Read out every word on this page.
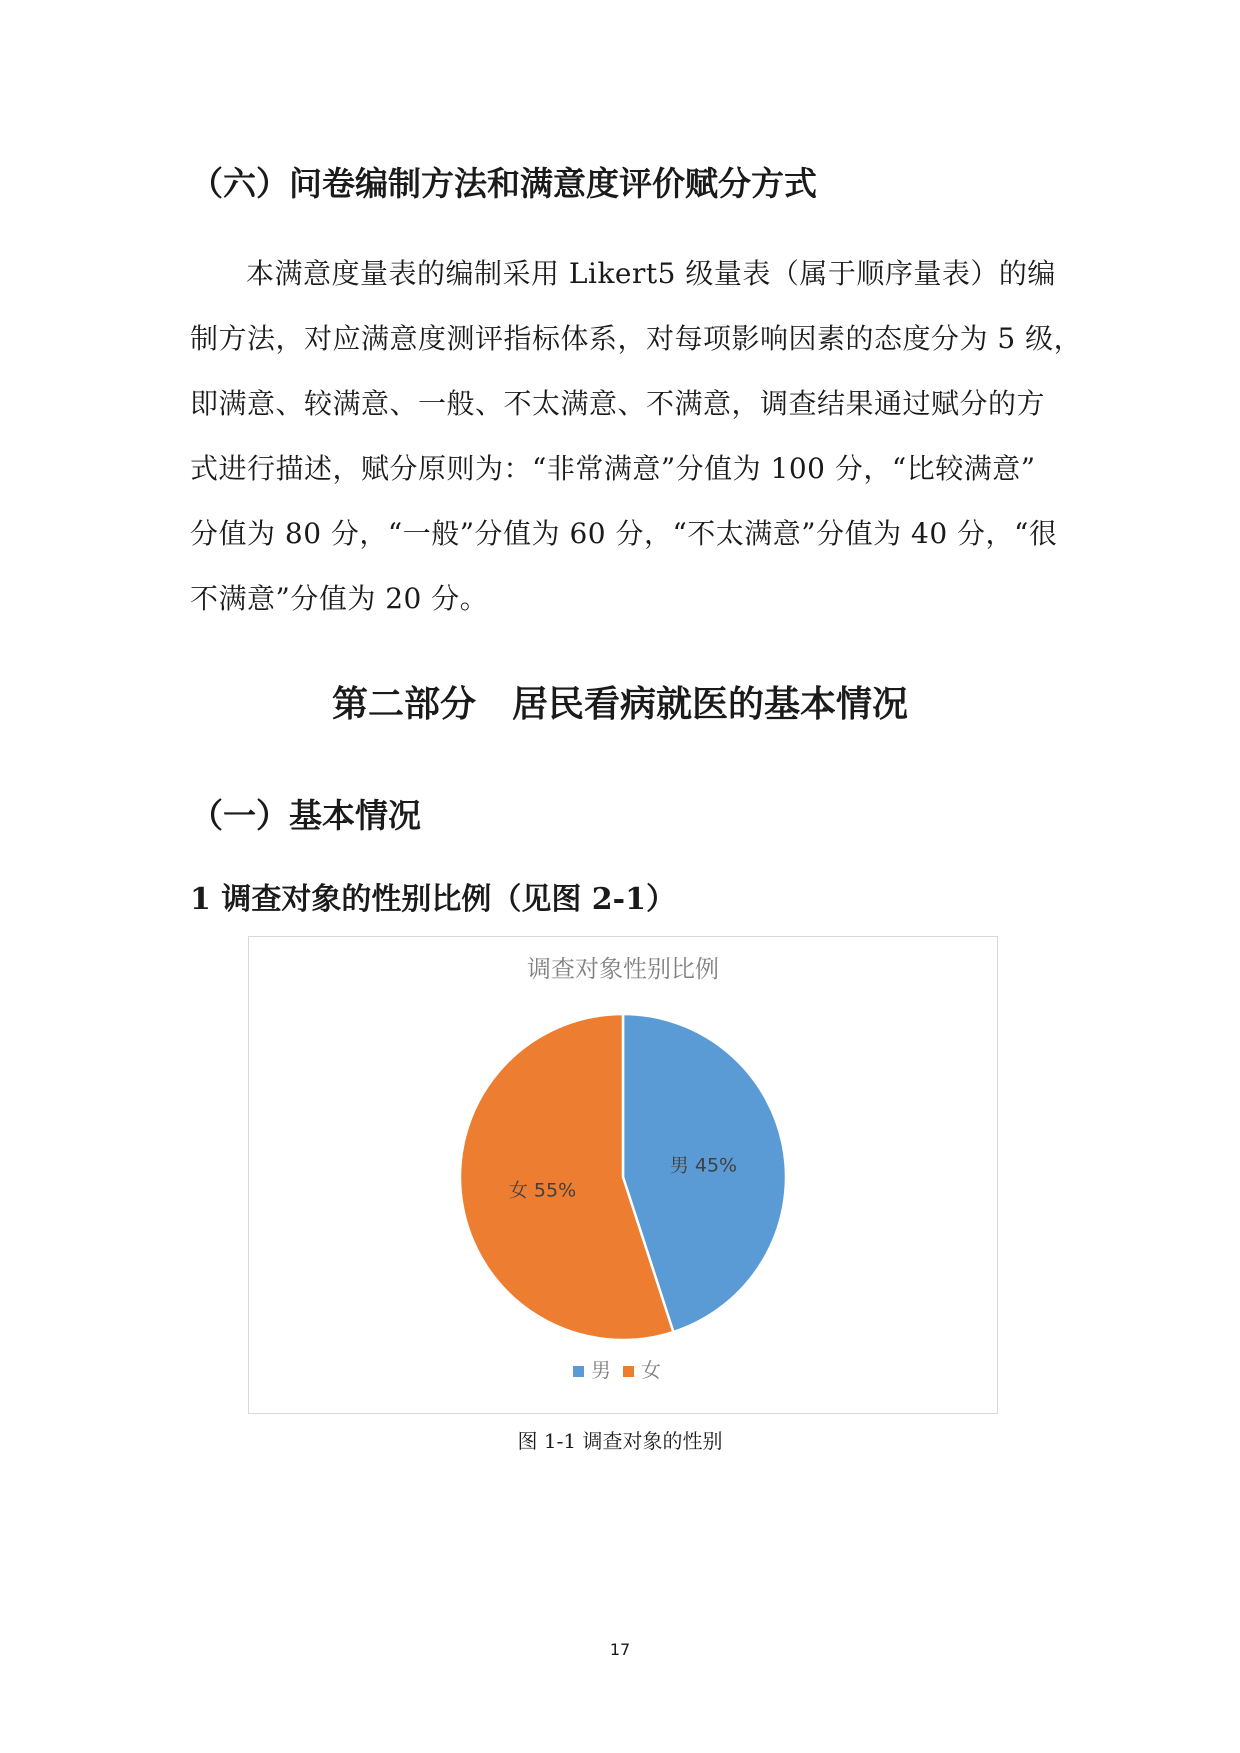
（六）问卷编制方法和满意度评价赋分方式
本满意度量表的编制采用 Likert5 级量表（属于顺序量表）的编
制方法，对应满意度测评指标体系，对每项影响因素的态度分为 5 级，
即满意、较满意、一般、不太满意、不满意，调查结果通过赋分的方
式进行描述，赋分原则为：“非常满意”分值为 100 分，“比较满意”
分值为 80 分，“一般”分值为 60 分，“不太满意”分值为 40 分，“很
不满意”分值为 20 分。
第二部分　居民看病就医的基本情况
（一）基本情况
1 调查对象的性别比例（见图 2-1）
调查对象性别比例
男 45%
女 55%
男 女
图 1-1 调查对象的性别
17
